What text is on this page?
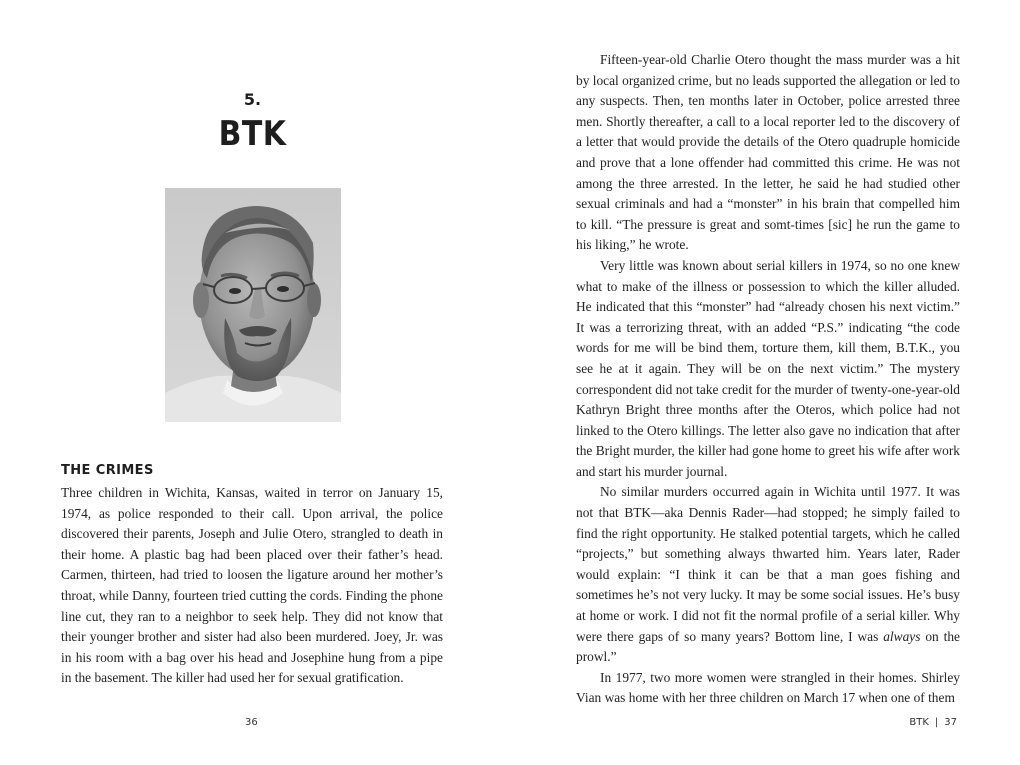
5.
BTK
THE CRIMES

Three children in Wichita, Kansas, waited in terror on January 15, 1974, as police responded to their call. Upon arrival, the police discovered their parents, Joseph and Julie Otero, strangled to death in their home. A plastic bag had been placed over their father’s head. Carmen, thirteen, had tried to loosen the ligature around her mother’s throat, while Danny, fourteen tried cutting the cords. Finding the phone line cut, they ran to a neighbor to seek help. They did not know that their younger brother and sister had also been murdered. Joey, Jr. was in his room with a bag over his head and Josephine hung from a pipe in the basement. The killer had used her for sexual gratification.

36

Fifteen-year-old Charlie Otero thought the mass murder was a hit by local organized crime, but no leads supported the allegation or led to any suspects. Then, ten months later in October, police arrested three men. Shortly thereafter, a call to a local reporter led to the discovery of a letter that would provide the details of the Otero quadruple homicide and prove that a lone offender had committed this crime. He was not among the three arrested. In the letter, he said he had studied other sexual criminals and had a “monster” in his brain that compelled him to kill. “The pressure is great and somt-times [sic] he run the game to his liking,” he wrote.

Very little was known about serial killers in 1974, so no one knew what to make of the illness or possession to which the killer alluded. He indicated that this “monster” had “already chosen his next victim.” It was a terrorizing threat, with an added “P.S.” indicating “the code words for me will be bind them, torture them, kill them, B.T.K., you see he at it again. They will be on the next victim.” The mystery correspondent did not take credit for the murder of twenty-one-year-old Kathryn Bright three months after the Oteros, which police had not linked to the Otero killings. The letter also gave no indication that after the Bright murder, the killer had gone home to greet his wife after work and start his murder journal.

No similar murders occurred again in Wichita until 1977. It was not that BTK—aka Dennis Rader—had stopped; he simply failed to find the right opportunity. He stalked potential targets, which he called “projects,” but something always thwarted him. Years later, Rader would explain: “I think it can be that a man goes fishing and sometimes he’s not very lucky. It may be some social issues. He’s busy at home or work. I did not fit the normal profile of a serial killer. Why were there gaps of so many years? Bottom line, I was always on the prowl.”

In 1977, two more women were strangled in their homes. Shirley Vian was home with her three children on March 17 when one of them

BTK | 37
